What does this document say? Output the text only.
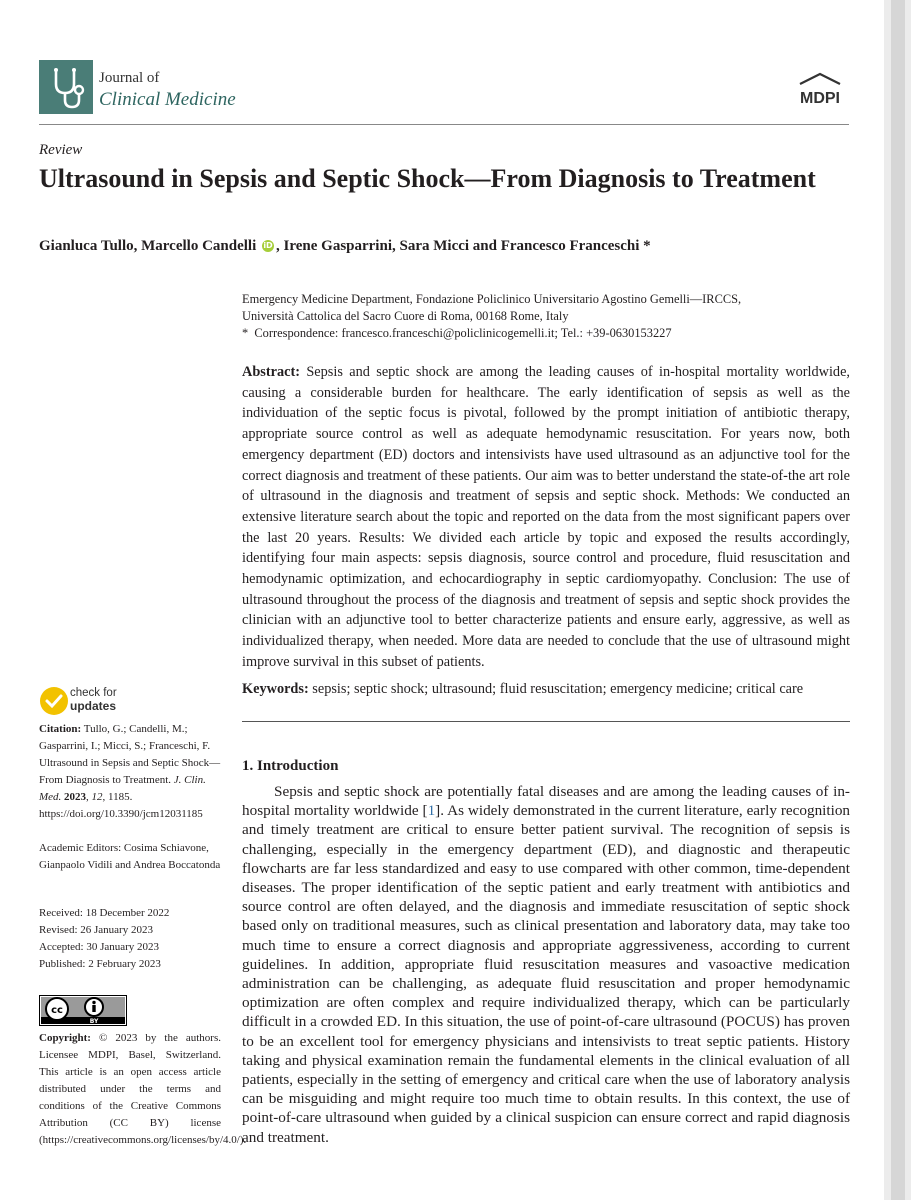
Journal of
Clinical Medicine	MDPI
Review
Ultrasound in Sepsis and Septic Shock—From Diagnosis to Treatment
Gianluca Tullo, Marcello Candelli iD , Irene Gasparrini, Sara Micci and Francesco Franceschi *
Emergency Medicine Department, Fondazione Policlinico Universitario Agostino Gemelli—IRCCS,
Università Cattolica del Sacro Cuore di Roma, 00168 Rome, Italy
* Correspondence: francesco.franceschi@policlinicogemelli.it; Tel.: +39-0630153227

Abstract: Sepsis and septic shock are among the leading causes of in-hospital mortality worldwide, causing a considerable burden for healthcare. The early identification of sepsis as well as the individuation of the septic focus is pivotal, followed by the prompt initiation of antibiotic therapy, appropriate source control as well as adequate hemodynamic resuscitation. For years now, both emergency department (ED) doctors and intensivists have used ultrasound as an adjunctive tool for the correct diagnosis and treatment of these patients. Our aim was to better understand the state-of-the art role of ultrasound in the diagnosis and treatment of sepsis and septic shock. Methods: We conducted an extensive literature search about the topic and reported on the data from the most significant papers over the last 20 years. Results: We divided each article by topic and exposed the results accordingly, identifying four main aspects: sepsis diagnosis, source control and procedure, fluid resuscitation and hemodynamic optimization, and echocardiography in septic cardiomyopathy. Conclusion: The use of ultrasound throughout the process of the diagnosis and treatment of sepsis and septic shock provides the clinician with an adjunctive tool to better characterize patients and ensure early, aggressive, as well as individualized therapy, when needed. More data are needed to conclude that the use of ultrasound might improve survival in this subset of patients.

Keywords: sepsis; septic shock; ultrasound; fluid resuscitation; emergency medicine; critical care

check for
updates

Citation: Tullo, G.; Candelli, M.; Gasparrini, I.; Micci, S.; Franceschi, F. Ultrasound in Sepsis and Septic Shock—From Diagnosis to Treatment. J. Clin. Med. 2023, 12, 1185. https://doi.org/10.3390/jcm12031185

Academic Editors: Cosima Schiavone, Gianpaolo Vidili and Andrea Boccatonda

Received: 18 December 2022
Revised: 26 January 2023
Accepted: 30 January 2023
Published: 2 February 2023
cc
BY

Copyright: © 2023 by the authors. Licensee MDPI, Basel, Switzerland. This article is an open access article distributed under the terms and conditions of the Creative Commons Attribution (CC BY) license (https://creativecommons.org/licenses/by/4.0/).

1. Introduction

Sepsis and septic shock are potentially fatal diseases and are among the leading causes of in-hospital mortality worldwide [1]. As widely demonstrated in the current literature, early recognition and timely treatment are critical to ensure better patient survival. The recognition of sepsis is challenging, especially in the emergency department (ED), and diagnostic and therapeutic flowcharts are far less standardized and easy to use compared with other common, time-dependent diseases. The proper identification of the septic patient and early treatment with antibiotics and source control are often delayed, and the diagnosis and immediate resuscitation of septic shock based only on traditional measures, such as clinical presentation and laboratory data, may take too much time to ensure a correct diagnosis and appropriate aggressiveness, according to current guidelines. In addition, appropriate fluid resuscitation measures and vasoactive medication administration can be challenging, as adequate fluid resuscitation and proper hemodynamic optimization are often complex and require individualized therapy, which can be particularly difficult in a crowded ED. In this situation, the use of point-of-care ultrasound (POCUS) has proven to be an excellent tool for emergency physicians and intensivists to treat septic patients. History taking and physical examination remain the fundamental elements in the clinical evaluation of all patients, especially in the setting of emergency and critical care when the use of laboratory analysis can be misguiding and might require too much time to obtain results. In this context, the use of point-of-care ultrasound when guided by a clinical suspicion can ensure correct and rapid diagnosis and treatment.
